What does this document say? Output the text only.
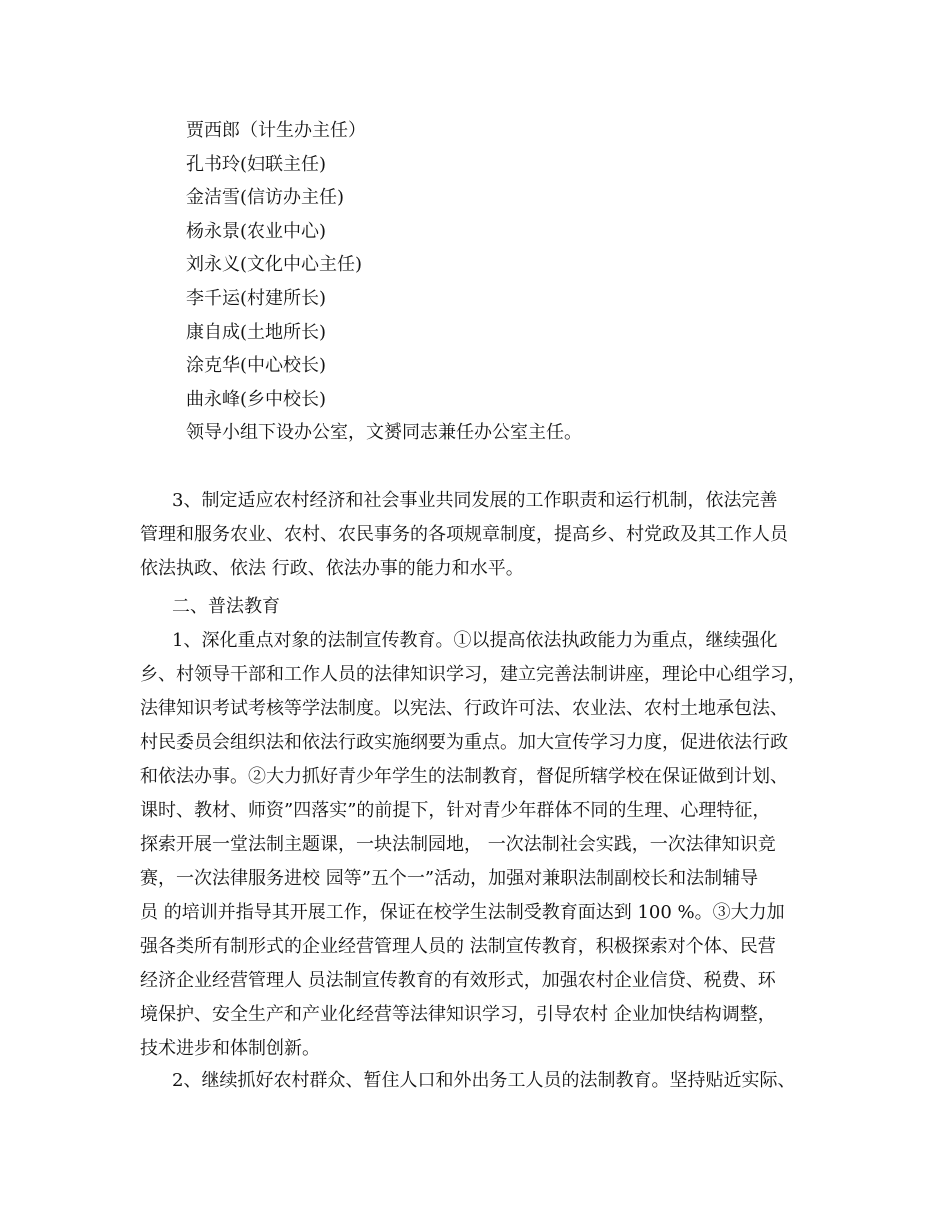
贾西郎（计生办主任）
孔书玲(妇联主任)
金洁雪(信访办主任)
杨永景(农业中心)
刘永义(文化中心主任)
李千运(村建所长)
康自成(土地所长)
涂克华(中心校长)
曲永峰(乡中校长)
领导小组下设办公室，文赟同志兼任办公室主任。
3、制定适应农村经济和社会事业共同发展的工作职责和运行机制，依法完善
管理和服务农业、农村、农民事务的各项规章制度，提高乡、村党政及其工作人员
依法执政、依法 行政、依法办事的能力和水平。
二、普法教育
1、深化重点对象的法制宣传教育。①以提高依法执政能力为重点，继续强化
乡、村领导干部和工作人员的法律知识学习，建立完善法制讲座，理论中心组学习，
法律知识考试考核等学法制度。以宪法、行政许可法、农业法、农村土地承包法、
村民委员会组织法和依法行政实施纲要为重点。加大宣传学习力度，促进依法行政
和依法办事。②大力抓好青少年学生的法制教育，督促所辖学校在保证做到计划、
课时、教材、师资”四落实”的前提下，针对青少年群体不同的生理、心理特征，
探索开展一堂法制主题课，一块法制园地， 一次法制社会实践，一次法律知识竞
赛，一次法律服务进校 园等”五个一”活动，加强对兼职法制副校长和法制辅导
员 的培训并指导其开展工作，保证在校学生法制受教育面达到 100 %。③大力加
强各类所有制形式的企业经营管理人员的 法制宣传教育，积极探索对个体、民营
经济企业经营管理人 员法制宣传教育的有效形式，加强农村企业信贷、税费、环
境保护、安全生产和产业化经营等法律知识学习，引导农村 企业加快结构调整，
技术进步和体制创新。
2、继续抓好农村群众、暂住人口和外出务工人员的法制教育。坚持贴近实际、
